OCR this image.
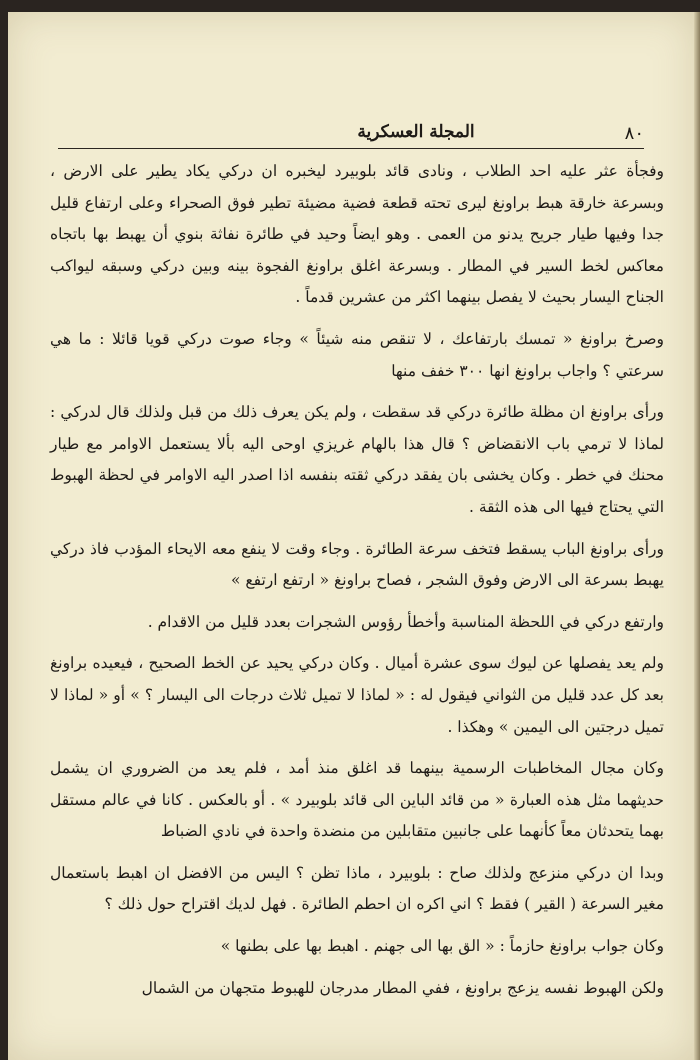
٨٠
المجلة العسكرية

وفجأة عثر عليه احد الطلاب ، ونادى قائد بلوبيرد ليخبره ان دركي يكاد يطير على الارض ، وبسرعة خارقة هبط براونغ ليرى تحته قطعة فضية مضيئة تطير فوق الصحراء وعلى ارتفاع قليل جدا وفيها طيار جريح يدنو من العمى . وهو ايضاً وحيد في طائرة نفاثة بنوي أن يهبط بها باتجاه معاكس لخط السير في المطار . وبسرعة اغلق براونغ الفجوة بينه وبين دركي وسبقه ليواكب الجناح اليسار بحيث لا يفصل بينهما اكثر من عشرين قدماً .

وصرخ براونغ « تمسك بارتفاعك ، لا تنقص منه شيئاً » وجاء صوت دركي قويا قائلا : ما هي سرعتي ؟ واجاب براونغ انها ٣٠٠ خفف منها

ورأى براونغ ان مظلة طائرة دركي قد سقطت ، ولم يكن يعرف ذلك من قبل ولذلك قال لدركي : لماذا لا ترمي باب الانقضاض ؟ قال هذا بالهام غريزي اوحى اليه بألا يستعمل الاوامر مع طيار محنك في خطر . وكان يخشى بان يفقد دركي ثقته بنفسه اذا اصدر اليه الاوامر في لحظة الهبوط التي يحتاج فيها الى هذه الثقة .

ورأى براونغ الباب يسقط فتخف سرعة الطائرة . وجاء وقت لا ينفع معه الايحاء المؤدب فاذ دركي يهبط بسرعة الى الارض وفوق الشجر ، فصاح براونغ « ارتفع ارتفع »

وارتفع دركي في اللحظة المناسبة وأخطأ رؤوس الشجرات بعدد قليل من الاقدام .

ولم يعد يفصلها عن ليوك سوى عشرة أميال . وكان دركي يحيد عن الخط الصحيح ، فيعيده براونغ بعد كل عدد قليل من الثواني فيقول له : « لماذا لا تميل ثلاث درجات الى اليسار ؟ » أو « لماذا لا تميل درجتين الى اليمين » وهكذا .

وكان مجال المخاطبات الرسمية بينهما قد اغلق منذ أمد ، فلم يعد من الضروري ان يشمل حديثهما مثل هذه العبارة « من قائد الباين الى قائد بلوبيرد » . أو بالعكس . كانا في عالم مستقل بهما يتحدثان معاً كأنهما على جانبين متقابلين من منضدة واحدة في نادي الضباط

وبدا ان دركي منزعج ولذلك صاح : بلوبيرد ، ماذا تظن ؟ اليس من الافضل ان اهبط باستعمال مغير السرعة ( القير ) فقط ؟ اني اكره ان احطم الطائرة . فهل لديك اقتراح حول ذلك ؟

وكان جواب براونغ حازماً : « الق بها الى جهنم . اهبط بها على بطنها »

ولكن الهبوط نفسه يزعج براونغ ، ففي المطار مدرجان للهبوط متجهان من الشمال
